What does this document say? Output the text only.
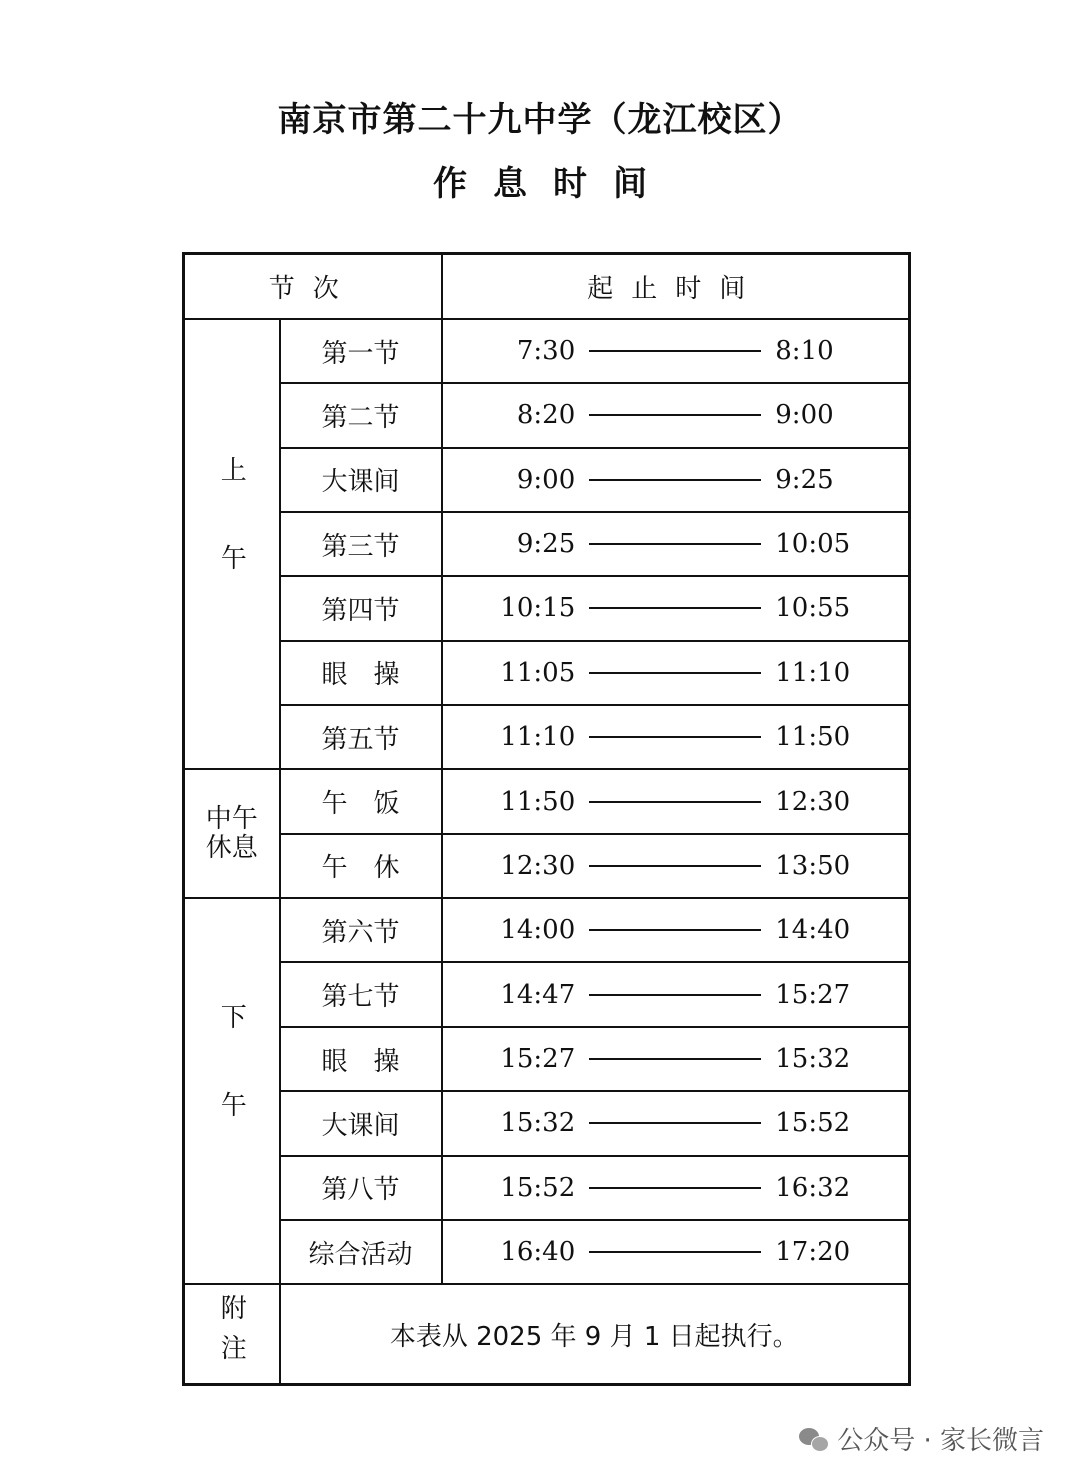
南京市第二十九中学（龙江校区）
作息时间
节次		起止时间
上午	第一节	7:30 8:10

	第二节	8:20 9:00

	大课间	9:00 9:25

	第三节	9:25 10:05

	第四节	10:15 10:55

	眼　操	11:05 11:10

	第五节	11:10 11:50

中午休息	午　饭	11:50 12:30

	午　休	12:30 13:50

下午	第六节	14:00 14:40

	第七节	14:47 15:27

	眼　操	15:27 15:32

	大课间	15:32 15:52

	第八节	15:52 16:32

	综合活动	16:40 17:20

附注	本表从 2025 年 9 月 1 日起执行。	
公众号 · 家长微言
